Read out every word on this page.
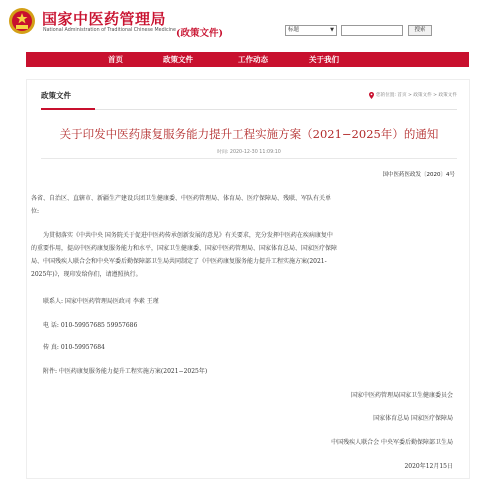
国家中医药管理局
National Administration of Traditional Chinese Medicine (政策文件)	标题	▼	搜索
首页	政策文件	工作动态	关于我们
政策文件	您的位置: 首页 > 政策文件 > 政策文件
关于印发中医药康复服务能力提升工程实施方案（2021−2025年）的通知
时间: 2020-12-30 11:09:10
国中医药医政发〔2020〕4号
各省、自治区、直辖市、新疆生产建设兵团卫生健康委、中医药管理局、体育局、医疗保障局、残联、军队有关单
位:
为贯彻落实《中共中央 国务院关于促进中医药传承创新发展的意见》有关要求，充分发挥中医药在疾病康复中
的重要作用，提高中医药康复服务能力和水平，国家卫生健康委、国家中医药管理局、国家体育总局、国家医疗保障
局、中国残疾人联合会和中央军委后勤保障部卫生局共同制定了《中医药康复服务能力提升工程实施方案(2021-
2025年)》，现印发给你们，请遵照执行。
联系人: 国家中医药管理局医政司 李素 王瑾
电 话: 010-59957685 59957686
传 真: 010-59957684
附件: 中医药康复服务能力提升工程实施方案(2021−2025年)
国家中医药管理局国家卫生健康委员会
国家体育总局 国家医疗保障局
中国残疾人联合会 中央军委后勤保障部卫生局
2020年12月15日
